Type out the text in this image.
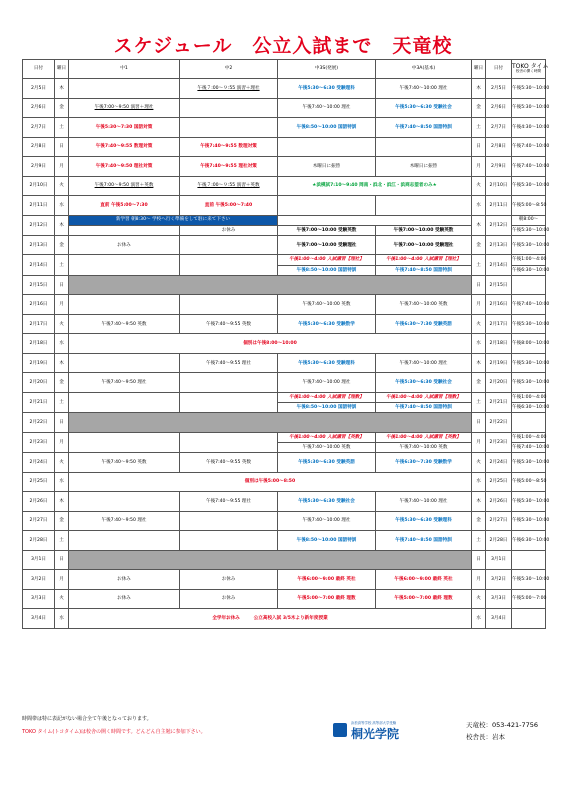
スケジュール　公立入試まで　天竜校
日付	曜日	中1	中2	中3S(発展)	中3A(基本)	曜日	日付	TOKO タイム
校舎の開く時間

2月5日	木		午後７:00～９:55 演習＋理社	午後5:30～6:30 受験理科	午後7:40～10:00 理社	木	2月5日	午後5:30～10:00
2月6日	金	午後7:00～9:50 演習＋理社		午後7:40～10:00 理社	午後5:30～6:30 受験社会	金	2月6日	午後5:30～10:00
2月7日	土	午後5:30～7:30 国語対策		午後8:50～10:00 国語特訓	午後7:40～8:50 国語特訓	土	2月7日	午後4:30～10:00
2月8日	日	午後7:40～9:55 数理対策	午後7:40～9:55 数理対策			日	2月8日	午後7:40～10:00
2月9日	月	午後7:40～9:50 理社対策	午後7:40～9:55 理社対策	木曜日に振替	木曜日に振替	月	2月9日	午後7:40～10:00
2月10日	火	午後7:00～9:50 演習＋英数	午後７:00～９:55 演習＋英数	★浜模試7:10～9:40 岡南・浜北・浜江・浜商志望者のみ★		火	2月10日	午後5:30～10:00
2月11日	水	直前 午後5:00～7:30	直前 午後5:00～7:40			水	2月11日	午後5:00～8:50
2月12日	木	新学習 朝8:30～ 学校へ行く準備をして駐に来て下さい				木	2月12日	朝8:00～
			お休み	午後7:00～10:00 受験英数	午後7:00～10:00 受験英数			午後5:30～10:00
2月13日	金	お休み		午後7:00～10:00 受験理社	午後7:00～10:00 受験理社	金	2月13日	午後5:30～10:00
2月14日	土			午後1:00～4:00 入試講習【理社】	午後1:00～4:00 入試講習【理社】	土	2月14日	午後1:00～4:00
				午後8:50～10:00 国語特訓	午後7:40～8:50 国語特訓			午後6:30～10:00
2月15日	日					日	2月15日	
2月16日	月			午後7:40～10:00 英数	午後7:40～10:00 英数	月	2月16日	午後7:40～10:00
2月17日	火	午後7:40～9:50 英数	午後7:40～9:55 英数	午後5:30～6:30 受験数学	午後6:30～7:30 受験英語	火	2月17日	午後5:30～10:00
2月18日	水	個別は午後8:00～10:00				水	2月18日	午後8:00～10:00
2月19日	木		午後7:40～9:55 理社	午後5:30～6:30 受験理科	午後7:40～10:00 理社	木	2月19日	午後5:30～10:00
2月20日	金	午後7:40～9:50 理社		午後7:40～10:00 理社	午後5:30～6:30 受験社会	金	2月20日	午後5:30～10:00
2月21日	土			午後1:00～4:00 入試講習【理数】	午後1:00～4:00 入試講習【理数】	土	2月21日	午後1:00～4:00
				午後8:50～10:00 国語特訓	午後7:40～8:50 国語特訓			午後6:30～10:00
2月22日	日					日	2月22日	
2月23日	月			午後1:00～4:00 入試講習【英数】	午後1:00～4:00 入試講習【英数】	月	2月23日	午後1:00～4:00
				午後7:40～10:00 英数	午後7:40～10:00 英数			午後7:40～10:00
2月24日	火	午後7:40～9:50 英数	午後7:40～9:55 英数	午後5:30～6:30 受験英語	午後6:30～7:30 受験数学	火	2月24日	午後5:30～10:00
2月25日	水	個別は午後5:00～8:50				水	2月25日	午後5:00～8:50
2月26日	木		午後7:40～9:55 理社	午後5:30～6:30 受験社会	午後7:40～10:00 理社	木	2月26日	午後5:30～10:00
2月27日	金	午後7:40～9:50 理社		午後7:40～10:00 理社	午後5:30～6:30 受験理科	金	2月27日	午後5:30～10:00
2月28日	土			午後8:50～10:00 国語特訓	午後7:40～8:50 国語特訓	土	2月28日	午後6:30～10:00
3月1日	日					日	3月1日	
3月2日	月	お休み	お休み	午後6:00～9:00 最終 英社	午後6:00～9:00 最終 英社	月	3月2日	午後5:30～10:00
3月3日	火	お休み	お休み	午後5:00～7:00 最終 理数	午後5:00～7:00 最終 理数	火	3月3日	午後5:00～7:00
3月4日	水	全学年お休み　　　公立高校入試 3/5木より新年度授業				水	3月4日	
時間帯は特に表記がない場合全て午後となっております。
TOKO タイム(トコタイム)は校舎の開く時間です。どんどん自主勉に参加下さい。
浜松高等学校 高等部大学受験
桐光学院
天竜校：053-421-7756
校舎長：岩本
